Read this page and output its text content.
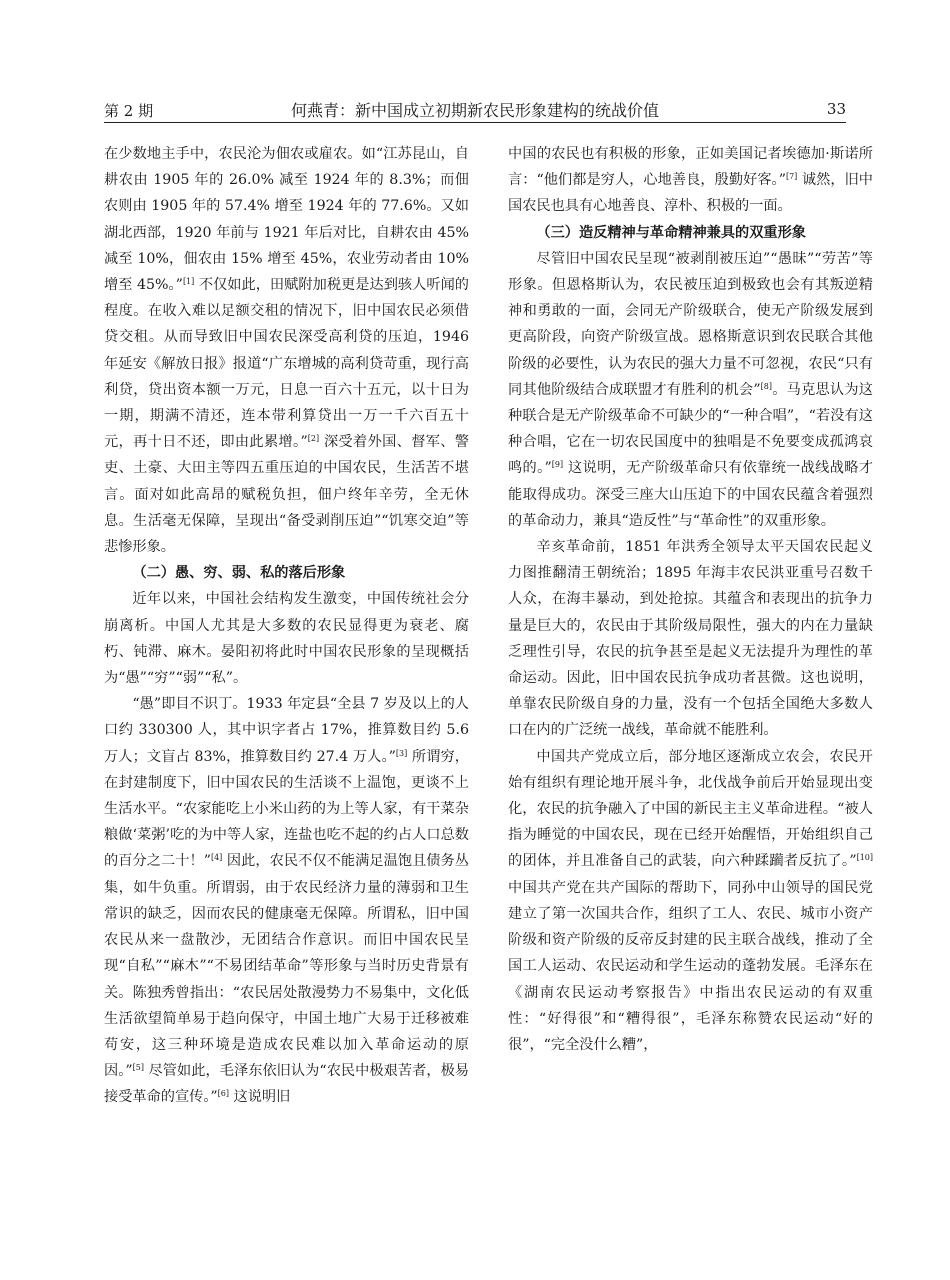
第 2 期	何燕青：新中国成立初期新农民形象建构的统战价值	33

在少数地主手中，农民沦为佃农或雇农。如“江苏昆山，自耕农由 1905 年的 26.0% 减至 1924 年的 8.3%；而佃农则由 1905 年的 57.4% 增至 1924 年的 77.6%。又如湖北西部，1920 年前与 1921 年后对比，自耕农由 45% 减至 10%，佃农由 15% 增至 45%，农业劳动者由 10% 增至 45%。”[1] 不仅如此，田赋附加税更是达到骇人听闻的程度。在收入难以足额交租的情况下，旧中国农民必须借贷交租。从而导致旧中国农民深受高利贷的压迫，1946 年延安《解放日报》报道“广东增城的高利贷苛重，现行高利贷，贷出资本额一万元，日息一百六十五元，以十日为一期，期满不清还，连本带利算贷出一万一千六百五十元，再十日不还，即由此累增。”[2] 深受着外国、督军、警吏、土豪、大田主等四五重压迫的中国农民，生活苦不堪言。面对如此高昂的赋税负担，佃户终年辛劳，全无休息。生活毫无保障，呈现出“备受剥削压迫”“饥寒交迫”等悲惨形象。

（二）愚、穷、弱、私的落后形象

近年以来，中国社会结构发生激变，中国传统社会分崩离析。中国人尤其是大多数的农民显得更为衰老、腐朽、钝滞、麻木。晏阳初将此时中国农民形象的呈现概括为“愚”“穷”“弱”“私”。

“愚”即目不识丁。1933 年定县“全县 7 岁及以上的人口约 330300 人，其中识字者占 17%，推算数目约 5.6 万人；文盲占 83%，推算数目约 27.4 万人。”[3] 所谓穷，在封建制度下，旧中国农民的生活谈不上温饱，更谈不上生活水平。“农家能吃上小米山药的为上等人家，有干菜杂粮做‘菜粥’吃的为中等人家，连盐也吃不起的约占人口总数的百分之二十！”[4] 因此，农民不仅不能满足温饱且债务丛集，如牛负重。所谓弱，由于农民经济力量的薄弱和卫生常识的缺乏，因而农民的健康毫无保障。所谓私，旧中国农民从来一盘散沙，无团结合作意识。而旧中国农民呈现“自私”“麻木”“不易团结革命”等形象与当时历史背景有关。陈独秀曾指出：“农民居处散漫势力不易集中，文化低生活欲望简单易于趋向保守，中国土地广大易于迁移被难苟安，这三种环境是造成农民难以加入革命运动的原因。”[5] 尽管如此，毛泽东依旧认为“农民中极艰苦者，极易接受革命的宣传。”[6] 这说明旧

中国的农民也有积极的形象，正如美国记者埃德加·斯诺所言：“他们都是穷人，心地善良，殷勤好客。”[7] 诚然，旧中国农民也具有心地善良、淳朴、积极的一面。

（三）造反精神与革命精神兼具的双重形象

尽管旧中国农民呈现“被剥削被压迫”“愚昧”“劳苦”等形象。但恩格斯认为，农民被压迫到极致也会有其叛逆精神和勇敢的一面，会同无产阶级联合，使无产阶级发展到更高阶段，向资产阶级宣战。恩格斯意识到农民联合其他阶级的必要性，认为农民的强大力量不可忽视，农民“只有同其他阶级结合成联盟才有胜利的机会”[8]。马克思认为这种联合是无产阶级革命不可缺少的“一种合唱”，“若没有这种合唱，它在一切农民国度中的独唱是不免要变成孤鸿哀鸣的。”[9] 这说明，无产阶级革命只有依靠统一战线战略才能取得成功。深受三座大山压迫下的中国农民蕴含着强烈的革命动力，兼具“造反性”与“革命性”的双重形象。

辛亥革命前，1851 年洪秀全领导太平天国农民起义力图推翻清王朝统治；1895 年海丰农民洪亚重号召数千人众，在海丰暴动，到处抢掠。其蕴含和表现出的抗争力量是巨大的，农民由于其阶级局限性，强大的内在力量缺乏理性引导，农民的抗争甚至是起义无法提升为理性的革命运动。因此，旧中国农民抗争成功者甚微。这也说明，单靠农民阶级自身的力量，没有一个包括全国绝大多数人口在内的广泛统一战线，革命就不能胜利。

中国共产党成立后，部分地区逐渐成立农会，农民开始有组织有理论地开展斗争，北伐战争前后开始显现出变化，农民的抗争融入了中国的新民主主义革命进程。“被人指为睡觉的中国农民，现在已经开始醒悟，开始组织自己的团体，并且准备自己的武装，向六种蹂躏者反抗了。”[10] 中国共产党在共产国际的帮助下，同孙中山领导的国民党建立了第一次国共合作，组织了工人、农民、城市小资产阶级和资产阶级的反帝反封建的民主联合战线，推动了全国工人运动、农民运动和学生运动的蓬勃发展。毛泽东在《湖南农民运动考察报告》中指出农民运动的有双重性：“好得很”和“糟得很”，毛泽东称赞农民运动“好的很”，“完全没什么糟”，
